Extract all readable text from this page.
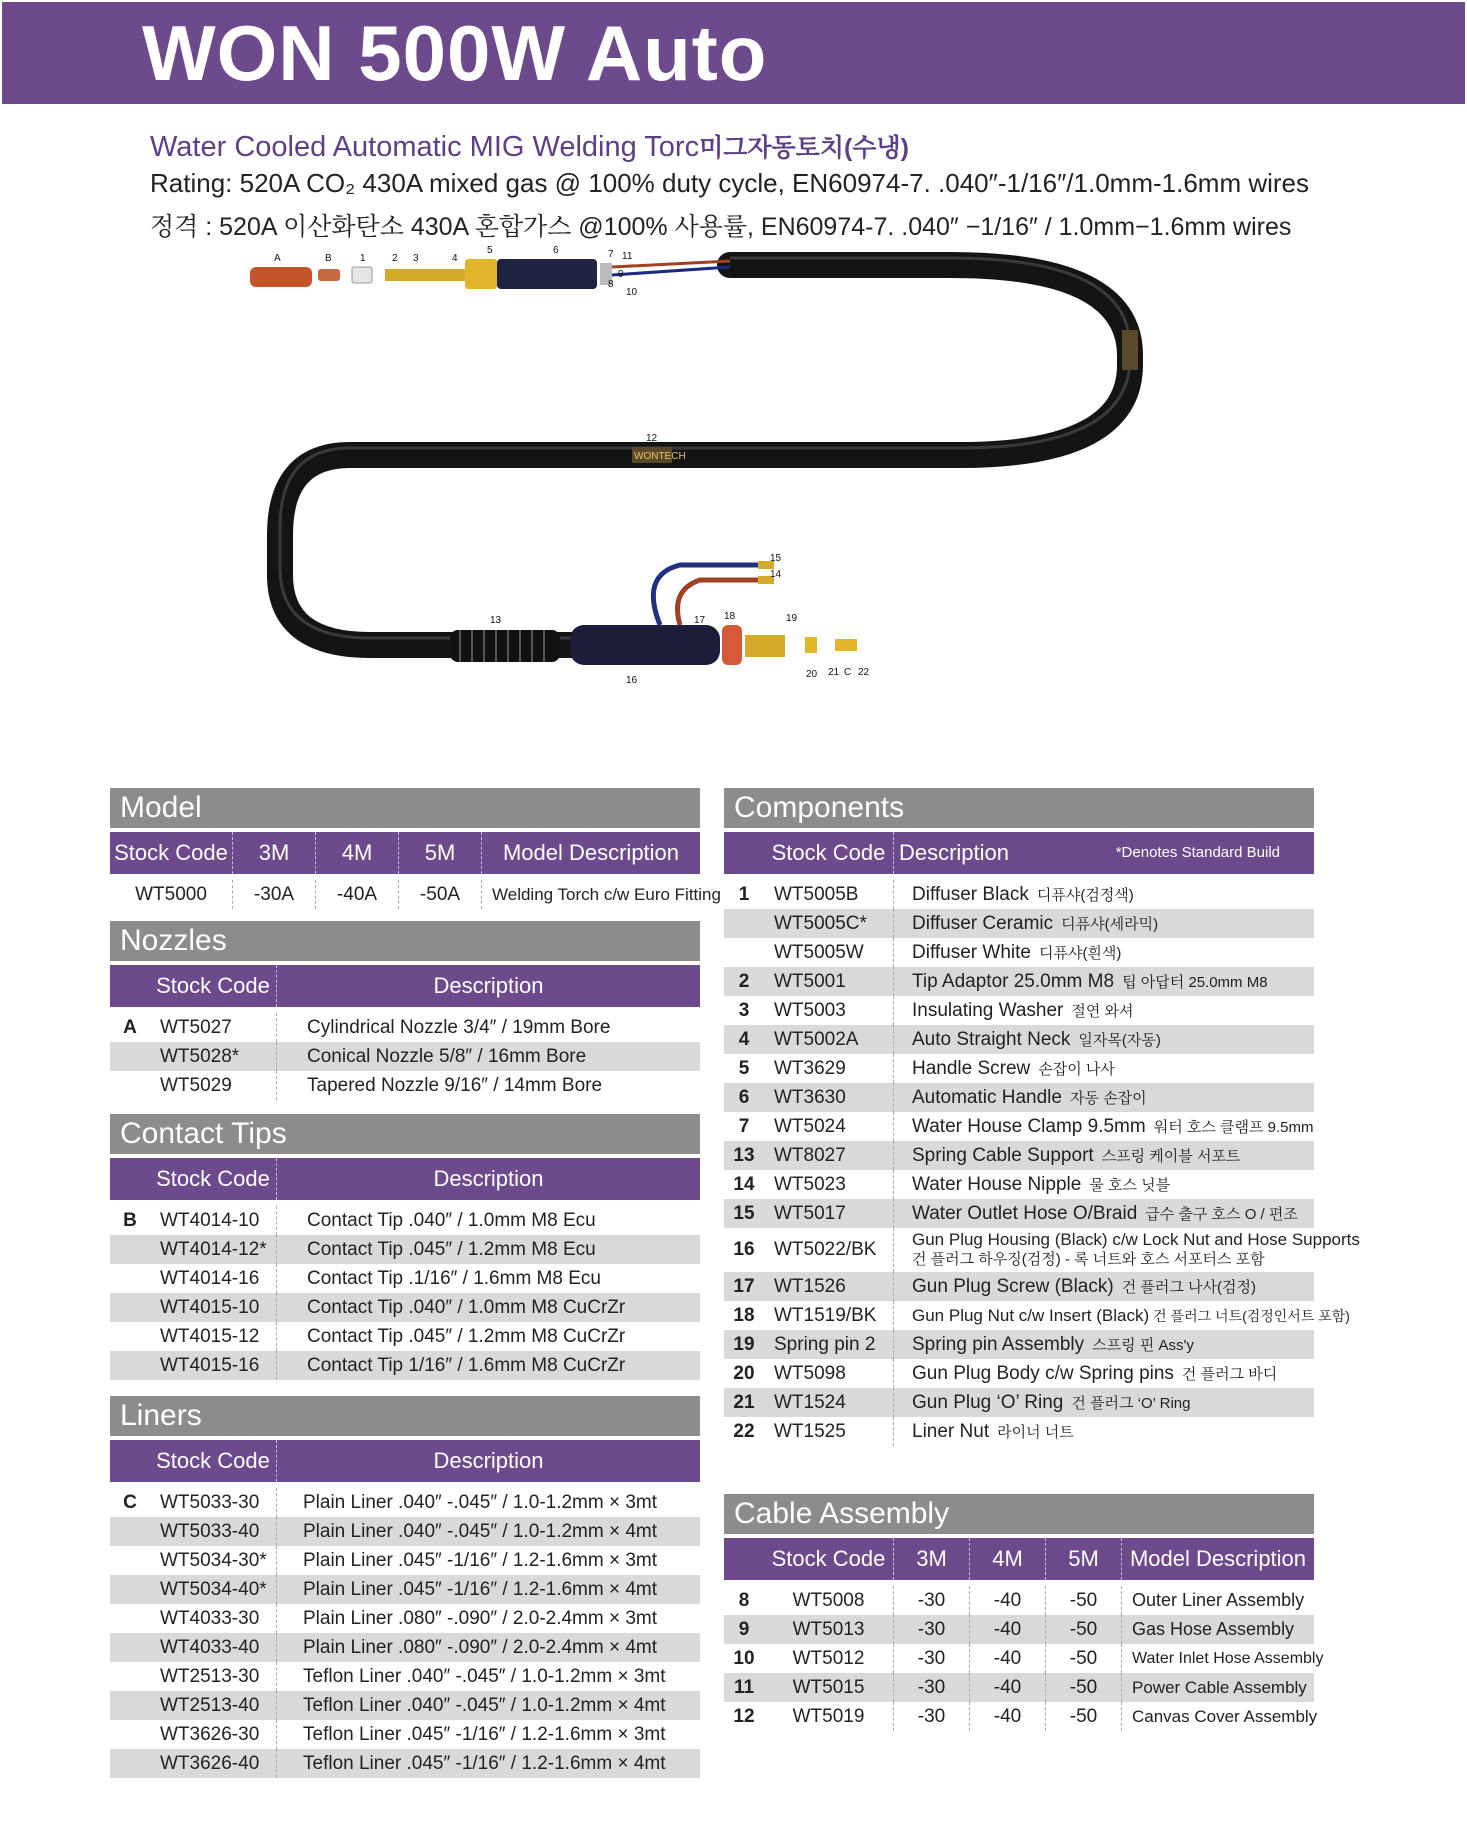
WON 500W Auto
Water Cooled Automatic MIG Welding Torc미그자동토치(수냉)
Rating: 520A CO₂ 430A mixed gas @ 100% duty cycle, EN60974-7. .040″-1/16″/1.0mm-1.6mm wires
정격 : 520A 이산화탄소 430A 혼합가스 @100% 사용률, EN60974-7. .040″ −1/16″ / 1.0mm−1.6mm wires
WONTECH
A	B	1	2 3	4
5	6	7 11
9
8
10
12
13
15
14
17 18	19
16
20 21 C 22
Model
Stock Code	3M	4M	5M	Model Description
WT5000	-30A	-40A	-50A	Welding Torch c/w Euro Fitting
Nozzles
Stock Code	Description
A	WT5027	Cylindrical Nozzle 3/4″ / 19mm Bore
WT5028*	Conical Nozzle 5/8″ / 16mm Bore
WT5029	Tapered Nozzle 9/16″ / 14mm Bore
Contact Tips
Stock Code	Description
B	WT4014-10	Contact Tip .040″ / 1.0mm M8 Ecu
WT4014-12*	Contact Tip .045″ / 1.2mm M8 Ecu
WT4014-16	Contact Tip .1/16″ / 1.6mm M8 Ecu
WT4015-10	Contact Tip .040″ / 1.0mm M8 CuCrZr
WT4015-12	Contact Tip .045″ / 1.2mm M8 CuCrZr
WT4015-16	Contact Tip 1/16″ / 1.6mm M8 CuCrZr
Liners
Stock Code	Description
C	WT5033-30	Plain Liner .040″ -.045″ / 1.0-1.2mm × 3mt
WT5033-40	Plain Liner .040″ -.045″ / 1.0-1.2mm × 4mt
WT5034-30*	Plain Liner .045″ -1/16″ / 1.2-1.6mm × 3mt
WT5034-40*	Plain Liner .045″ -1/16″ / 1.2-1.6mm × 4mt
WT4033-30	Plain Liner .080″ -.090″ / 2.0-2.4mm × 3mt
WT4033-40	Plain Liner .080″ -.090″ / 2.0-2.4mm × 4mt
WT2513-30	Teflon Liner .040″ -.045″ / 1.0-1.2mm × 3mt
WT2513-40	Teflon Liner .040″ -.045″ / 1.0-1.2mm × 4mt
WT3626-30	Teflon Liner .045″ -1/16″ / 1.2-1.6mm × 3mt
WT3626-40	Teflon Liner .045″ -1/16″ / 1.2-1.6mm × 4mt
Components
Stock Code Description	*Denotes Standard Build
1	WT5005B	Diffuser Black 디퓨샤(검정색)
WT5005C*	Diffuser Ceramic 디퓨샤(세라믹)
WT5005W	Diffuser White 디퓨샤(흰색)
2	WT5001	Tip Adaptor 25.0mm M8 팁 아답터 25.0mm M8
3	WT5003	Insulating Washer 절연 와셔
4	WT5002A	Auto Straight Neck 일자목(자동)
5	WT3629	Handle Screw 손잡이 나사
6	WT3630	Automatic Handle 자동 손잡이
7	WT5024	Water House Clamp 9.5mm 워터 호스 클램프 9.5mm
13	WT8027	Spring Cable Support 스프링 케이블 서포트
14	WT5023	Water House Nipple 물 호스 닛블
15	WT5017	Water Outlet Hose O/Braid 급수 출구 호스 O / 편조
16	WT5022/BK	Gun Plug Housing (Black) c/w Lock Nut and Hose Supports
건 플러그 하우징(검정) - 록 너트와 호스 서포터스 포함
17	WT1526	Gun Plug Screw (Black) 건 플러그 나사(검정)
18	WT1519/BK	Gun Plug Nut c/w Insert (Black) 건 플러그 너트(검정인서트 포함)
19	Spring pin 2	Spring pin Assembly 스프링 핀 Ass'y
20	WT5098	Gun Plug Body c/w Spring pins 건 플러그 바디
21	WT1524	Gun Plug ‘O’ Ring 건 플러그 ‘O’ Ring
22	WT1525	Liner Nut 라이너 너트
Cable Assembly
Stock Code	3M	4M	5M	Model Description
8	WT5008	-30	-40	-50	Outer Liner Assembly
9	WT5013	-30	-40	-50	Gas Hose Assembly
10	WT5012	-30	-40	-50	Water Inlet Hose Assembly
11	WT5015	-30	-40	-50	Power Cable Assembly
12	WT5019	-30	-40	-50	Canvas Cover Assembly
